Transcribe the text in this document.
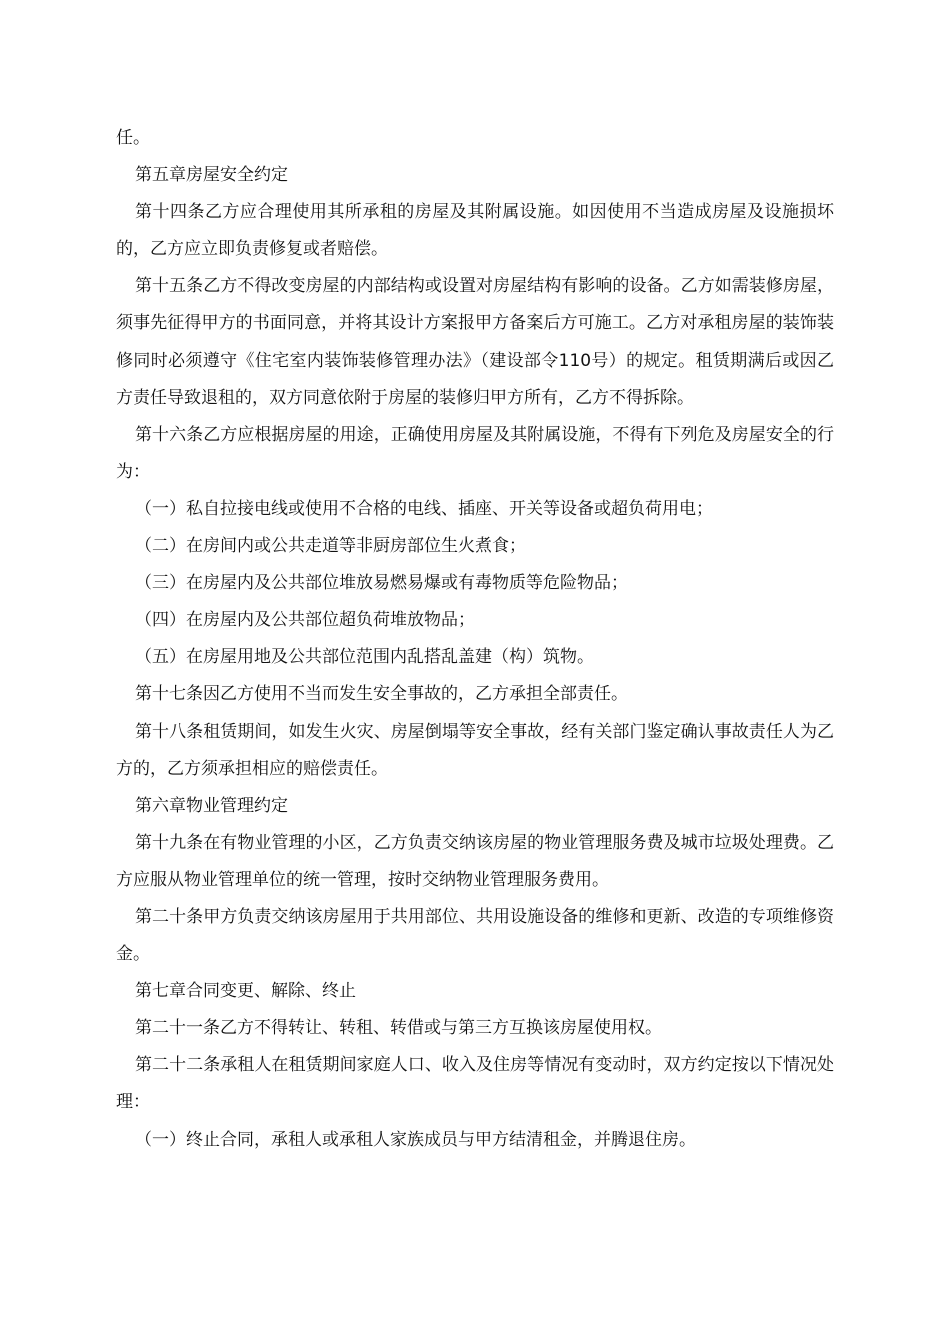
任。

第五章房屋安全约定

第十四条乙方应合理使用其所承租的房屋及其附属设施。如因使用不当造成房屋及设施损坏的，乙方应立即负责修复或者赔偿。

第十五条乙方不得改变房屋的内部结构或设置对房屋结构有影响的设备。乙方如需装修房屋，须事先征得甲方的书面同意，并将其设计方案报甲方备案后方可施工。乙方对承租房屋的装饰装修同时必须遵守《住宅室内装饰装修管理办法》（建设部令110号）的规定。租赁期满后或因乙方责任导致退租的，双方同意依附于房屋的装修归甲方所有，乙方不得拆除。

第十六条乙方应根据房屋的用途，正确使用房屋及其附属设施，不得有下列危及房屋安全的行为：

（一）私自拉接电线或使用不合格的电线、插座、开关等设备或超负荷用电；

（二）在房间内或公共走道等非厨房部位生火煮食；

（三）在房屋内及公共部位堆放易燃易爆或有毒物质等危险物品；

（四）在房屋内及公共部位超负荷堆放物品；

（五）在房屋用地及公共部位范围内乱搭乱盖建（构）筑物。

第十七条因乙方使用不当而发生安全事故的，乙方承担全部责任。

第十八条租赁期间，如发生火灾、房屋倒塌等安全事故，经有关部门鉴定确认事故责任人为乙方的，乙方须承担相应的赔偿责任。

第六章物业管理约定

第十九条在有物业管理的小区，乙方负责交纳该房屋的物业管理服务费及城市垃圾处理费。乙方应服从物业管理单位的统一管理，按时交纳物业管理服务费用。

第二十条甲方负责交纳该房屋用于共用部位、共用设施设备的维修和更新、改造的专项维修资金。

第七章合同变更、解除、终止

第二十一条乙方不得转让、转租、转借或与第三方互换该房屋使用权。

第二十二条承租人在租赁期间家庭人口、收入及住房等情况有变动时，双方约定按以下情况处理：

（一）终止合同，承租人或承租人家族成员与甲方结清租金，并腾退住房。
